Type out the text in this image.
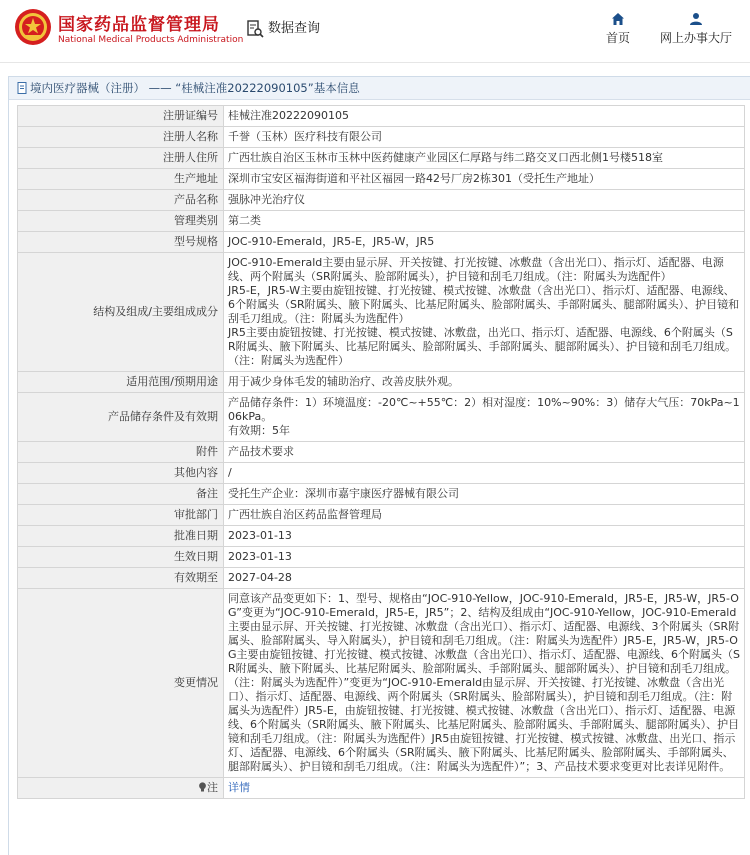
国家药品监督管理局
National Medical Products Administration
数据查询
首页 网上办事大厅
境内医疗器械（注册） —— “桂械注准20222090105”基本信息
注册证编号	桂械注准20222090105
注册人名称	千誉（玉林）医疗科技有限公司
注册人住所	广西壮族自治区玉林市玉林中医药健康产业园区仁厚路与纬二路交叉口西北侧1号楼518室
生产地址	深圳市宝安区福海街道和平社区福园一路42号厂房2栋301（受托生产地址）
产品名称	强脉冲光治疗仪
管理类别	第二类
型号规格	JOC-910-Emerald，JR5-E，JR5-W，JR5
结构及组成/主要组成成分	JOC-910-Emerald主要由显示屏、开关按键、打光按键、冰敷盘（含出光口）、指示灯、适配器、电源线、两个附属头（SR附属头、脸部附属头），护目镜和刮毛刀组成。（注：附属头为选配件）
JR5-E，JR5-W主要由旋钮按键、打光按键、模式按键、冰敷盘（含出光口）、指示灯、适配器、电源线、6个附属头（SR附属头、腋下附属头、比基尼附属头、脸部附属头、手部附属头、腿部附属头）、护目镜和刮毛刀组成。（注：附属头为选配件）
JR5主要由旋钮按键、打光按键、模式按键、冰敷盘，出光口、指示灯、适配器、电源线、6个附属头（SR附属头、腋下附属头、比基尼附属头、脸部附属头、手部附属头、腿部附属头）、护目镜和刮毛刀组成。（注：附属头为选配件）
适用范围/预期用途	用于减少身体毛发的辅助治疗、改善皮肤外观。
产品储存条件及有效期	产品储存条件：1）环境温度：-20℃~+55℃：2）相对湿度：10%~90%：3）储存大气压：70kPa~106kPa。
有效期：5年
附件	产品技术要求
其他内容	/
备注	受托生产企业：深圳市嘉宇康医疗器械有限公司
审批部门	广西壮族自治区药品监督管理局
批准日期	2023-01-13
生效日期	2023-01-13
有效期至	2027-04-28
变更情况	同意该产品变更如下：1、型号、规格由“JOC-910-Yellow，JOC-910-Emerald，JR5-E，JR5-W，JR5-OG”变更为“JOC-910-Emerald，JR5-E，JR5”；2、结构及组成由“JOC-910-Yellow，JOC-910-Emerald主要由显示屏、开关按键、打光按键、冰敷盘（含出光口）、指示灯、适配器、电源线、3个附属头（SR附属头、脸部附属头、导入附属头），护目镜和刮毛刀组成。（注：附属头为选配件）JR5-E，JR5-W，JR5-OG主要由旋钮按键、打光按键、模式按键、冰敷盘（含出光口）、指示灯、适配器、电源线、6个附属头（SR附属头、腋下附属头、比基尼附属头、脸部附属头、手部附属头、腿部附属头）、护目镜和刮毛刀组成。（注：附属头为选配件）”变更为“JOC-910-Emerald由显示屏、开关按键、打光按键、冰敷盘（含出光口）、指示灯、适配器、电源线、两个附属头（SR附属头、脸部附属头），护目镜和刮毛刀组成。（注：附属头为选配件）JR5-E，由旋钮按键、打光按键、模式按键、冰敷盘（含出光口）、指示灯、适配器、电源线、6个附属头（SR附属头、腋下附属头、比基尼附属头、脸部附属头、手部附属头、腿部附属头）、护目镜和刮毛刀组成。（注：附属头为选配件）JR5由旋钮按键、打光按键、模式按键、冰敷盘、出光口、指示灯、适配器、电源线、6个附属头（SR附属头、腋下附属头、比基尼附属头、脸部附属头、手部附属头、腿部附属头）、护目镜和刮毛刀组成。（注：附属头为选配件）”；3、产品技术要求变更对比表详见附件。
注	详情
